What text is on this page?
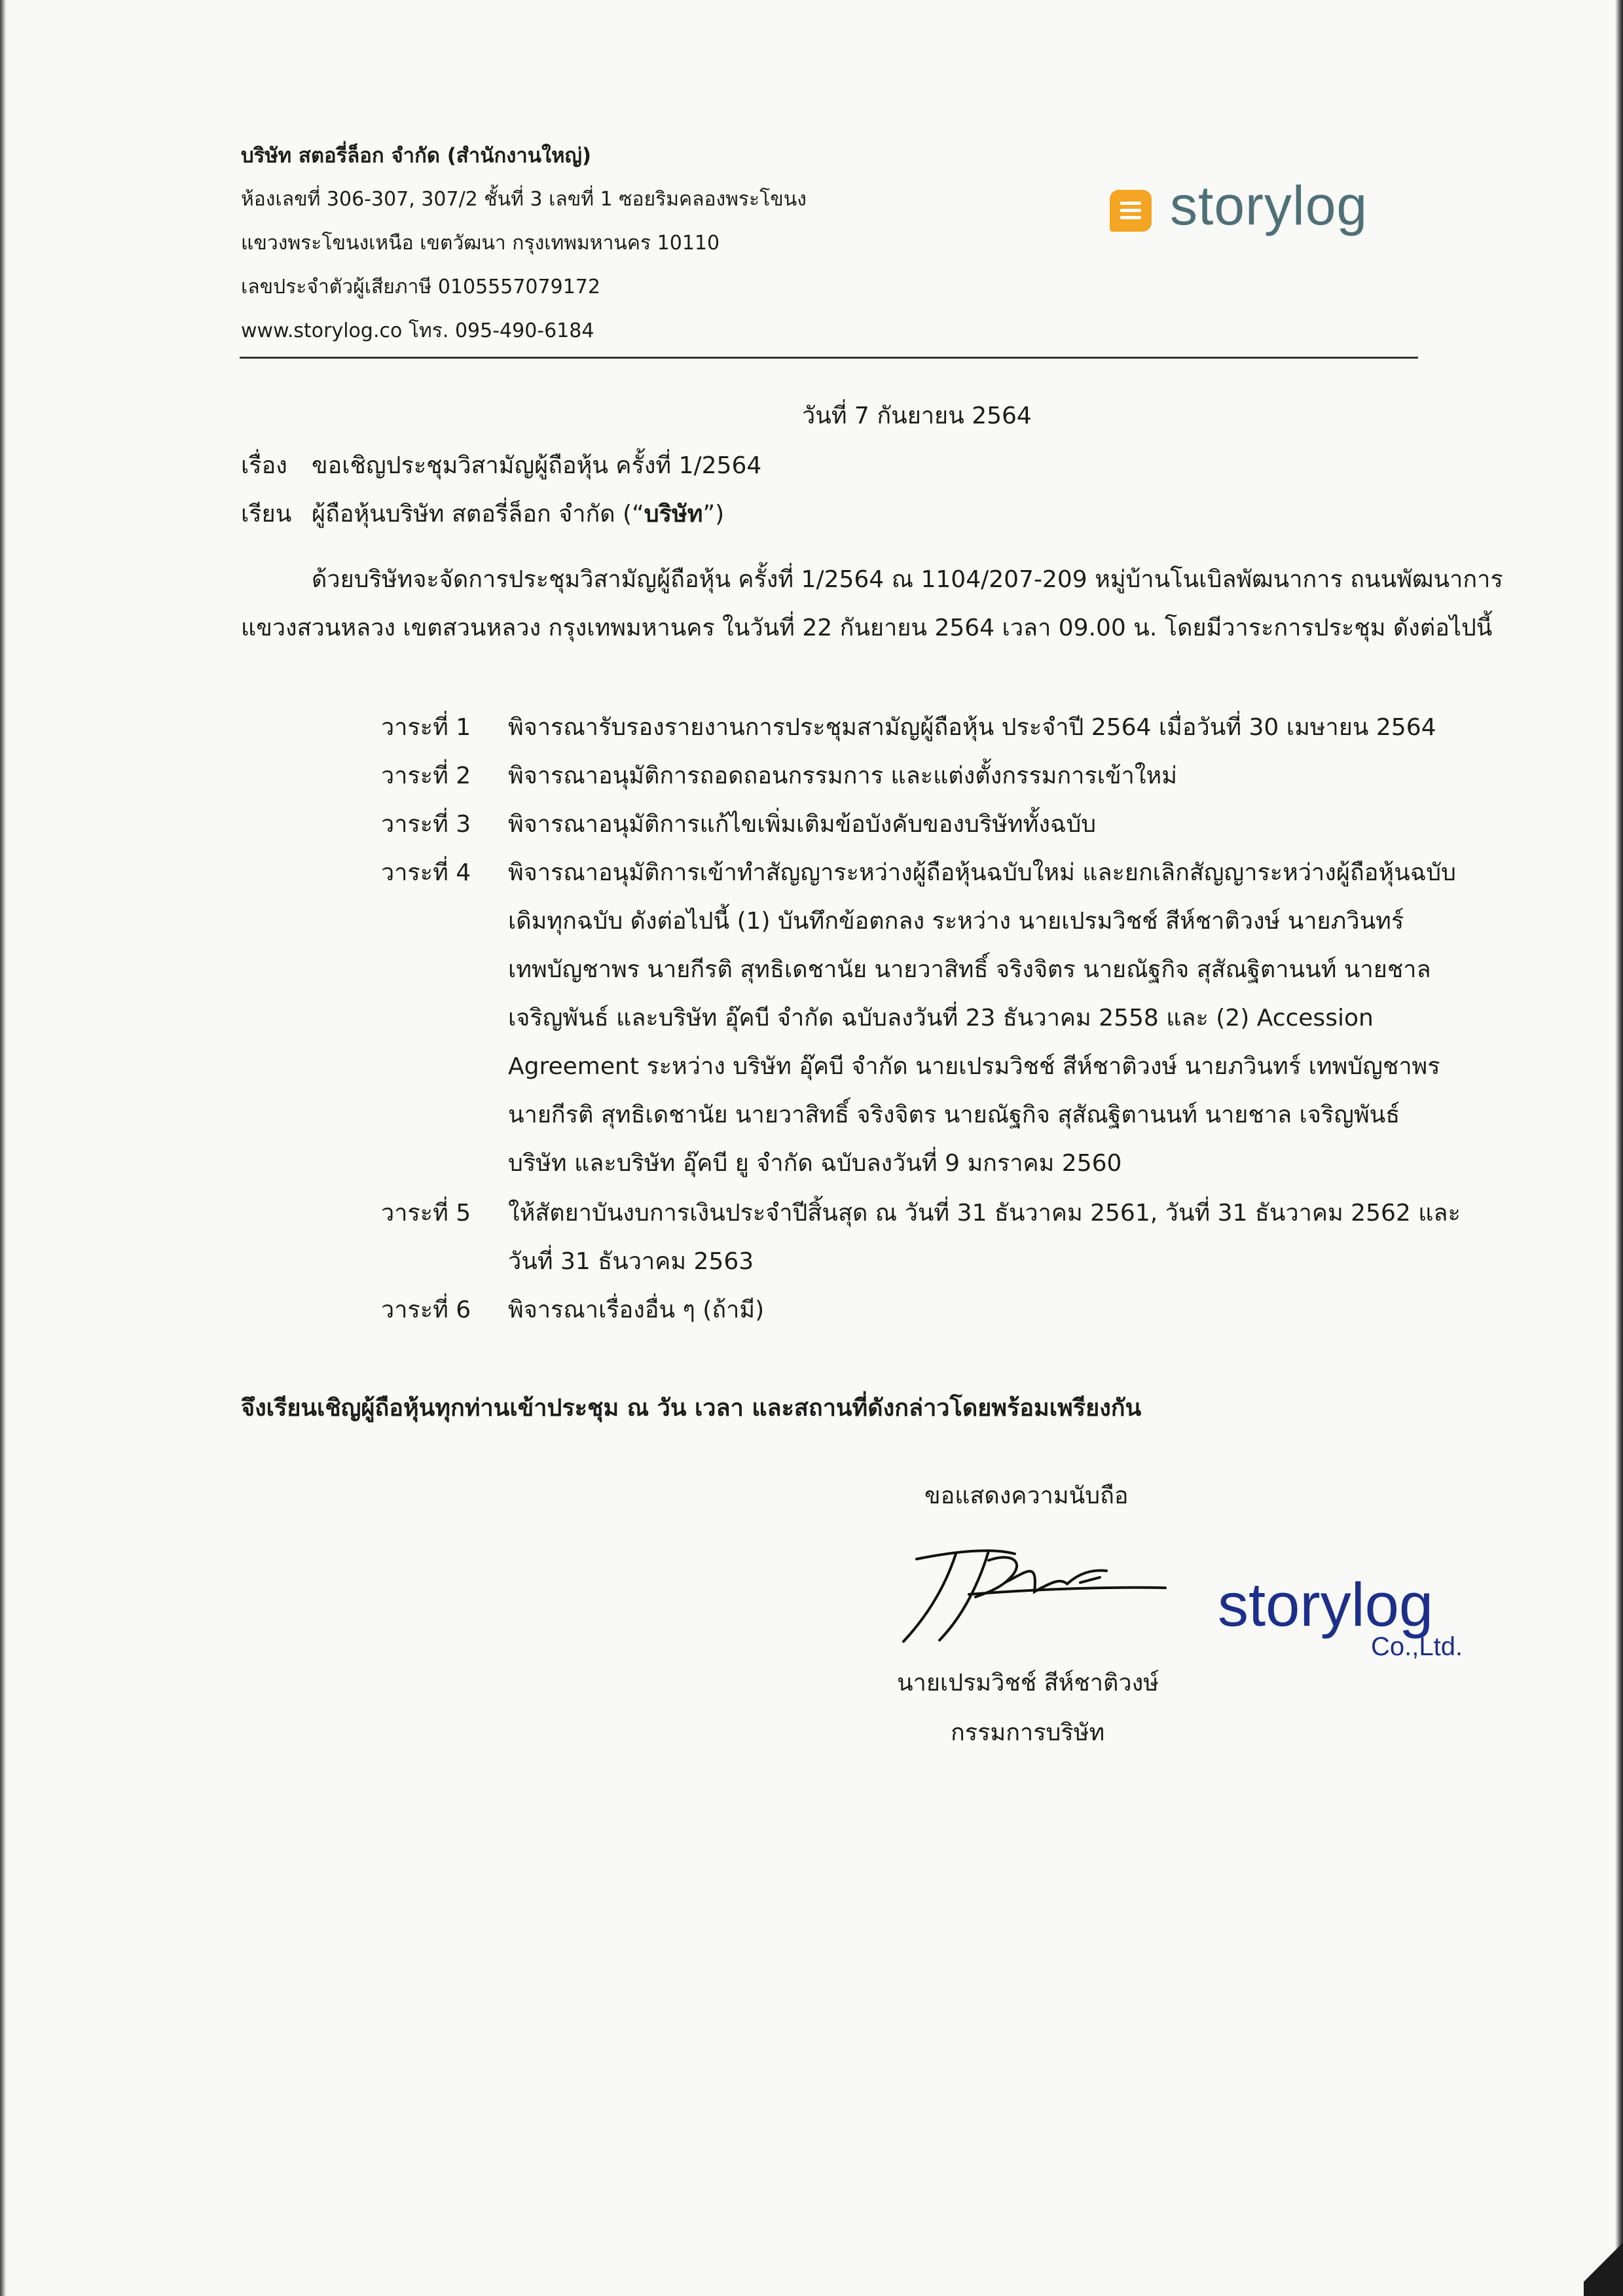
บริษัท สตอรี่ล็อก จำกัด (สำนักงานใหญ่)
ห้องเลขที่ 306-307, 307/2 ชั้นที่ 3 เลขที่ 1 ซอยริมคลองพระโขนง
แขวงพระโขนงเหนือ เขตวัฒนา กรุงเทพมหานคร 10110
เลขประจำตัวผู้เสียภาษี 0105557079172
www.storylog.co โทร. 095-490-6184
storylog
วันที่ 7 กันยายน 2564
เรื่อง ขอเชิญประชุมวิสามัญผู้ถือหุ้น ครั้งที่ 1/2564
เรียน ผู้ถือหุ้นบริษัท สตอรี่ล็อก จำกัด (“บริษัท”)
ด้วยบริษัทจะจัดการประชุมวิสามัญผู้ถือหุ้น ครั้งที่ 1/2564 ณ 1104/207-209 หมู่บ้านโนเบิลพัฒนาการ ถนนพัฒนาการ
แขวงสวนหลวง เขตสวนหลวง กรุงเทพมหานคร ในวันที่ 22 กันยายน 2564 เวลา 09.00 น. โดยมีวาระการประชุม ดังต่อไปนี้
วาระที่ 1 พิจารณารับรองรายงานการประชุมสามัญผู้ถือหุ้น ประจำปี 2564 เมื่อวันที่ 30 เมษายน 2564
วาระที่ 2 พิจารณาอนุมัติการถอดถอนกรรมการ และแต่งตั้งกรรมการเข้าใหม่
วาระที่ 3 พิจารณาอนุมัติการแก้ไขเพิ่มเติมข้อบังคับของบริษัททั้งฉบับ
วาระที่ 4 พิจารณาอนุมัติการเข้าทำสัญญาระหว่างผู้ถือหุ้นฉบับใหม่ และยกเลิกสัญญาระหว่างผู้ถือหุ้นฉบับ
เดิมทุกฉบับ ดังต่อไปนี้ (1) บันทึกข้อตกลง ระหว่าง นายเปรมวิชช์ สีห์ชาติวงษ์ นายภวินทร์
เทพบัญชาพร นายกีรติ สุทธิเดชานัย นายวาสิทธิ์ จริงจิตร นายณัฐกิจ สุสัณฐิตานนท์ นายชาล
เจริญพันธ์ และบริษัท อุ๊คบี จำกัด ฉบับลงวันที่ 23 ธันวาคม 2558 และ (2) Accession
Agreement ระหว่าง บริษัท อุ๊คบี จำกัด นายเปรมวิชช์ สีห์ชาติวงษ์ นายภวินทร์ เทพบัญชาพร
นายกีรติ สุทธิเดชานัย นายวาสิทธิ์ จริงจิตร นายณัฐกิจ สุสัณฐิตานนท์ นายชาล เจริญพันธ์
บริษัท และบริษัท อุ๊คบี ยู จำกัด ฉบับลงวันที่ 9 มกราคม 2560
วาระที่ 5 ให้สัตยาบันงบการเงินประจำปีสิ้นสุด ณ วันที่ 31 ธันวาคม 2561, วันที่ 31 ธันวาคม 2562 และ
วันที่ 31 ธันวาคม 2563
วาระที่ 6 พิจารณาเรื่องอื่น ๆ (ถ้ามี)
จึงเรียนเชิญผู้ถือหุ้นทุกท่านเข้าประชุม ณ วัน เวลา และสถานที่ดังกล่าวโดยพร้อมเพรียงกัน
ขอแสดงความนับถือ
storylog
Co.,Ltd.
นายเปรมวิชช์ สีห์ชาติวงษ์
กรรมการบริษัท
